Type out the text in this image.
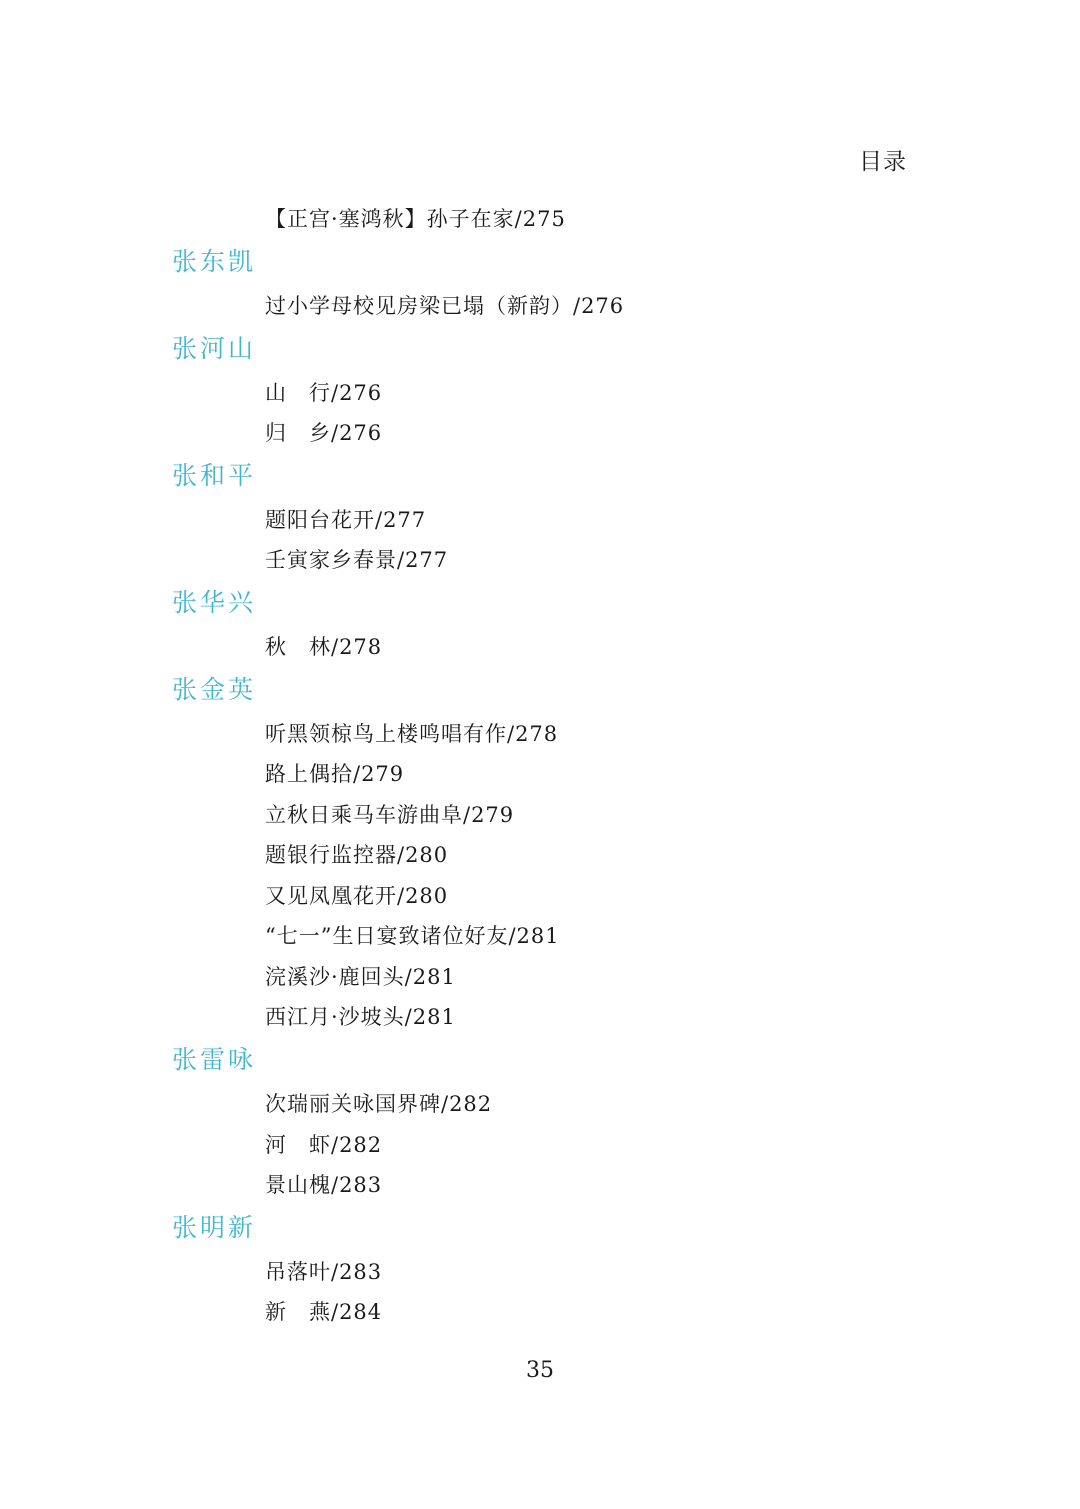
目录
【正宫·塞鸿秋】孙子在家/275
张东凯
过小学母校见房梁已塌（新韵）/276
张河山
山　行/276
归　乡/276
张和平
题阳台花开/277
壬寅家乡春景/277
张华兴
秋　林/278
张金英
听黑领椋鸟上楼鸣唱有作/278
路上偶拾/279
立秋日乘马车游曲阜/279
题银行监控器/280
又见凤凰花开/280
“七一”生日宴致诸位好友/281
浣溪沙·鹿回头/281
西江月·沙坡头/281
张雷咏
次瑞丽关咏国界碑/282
河　虾/282
景山槐/283
张明新
吊落叶/283
新　燕/284
35
